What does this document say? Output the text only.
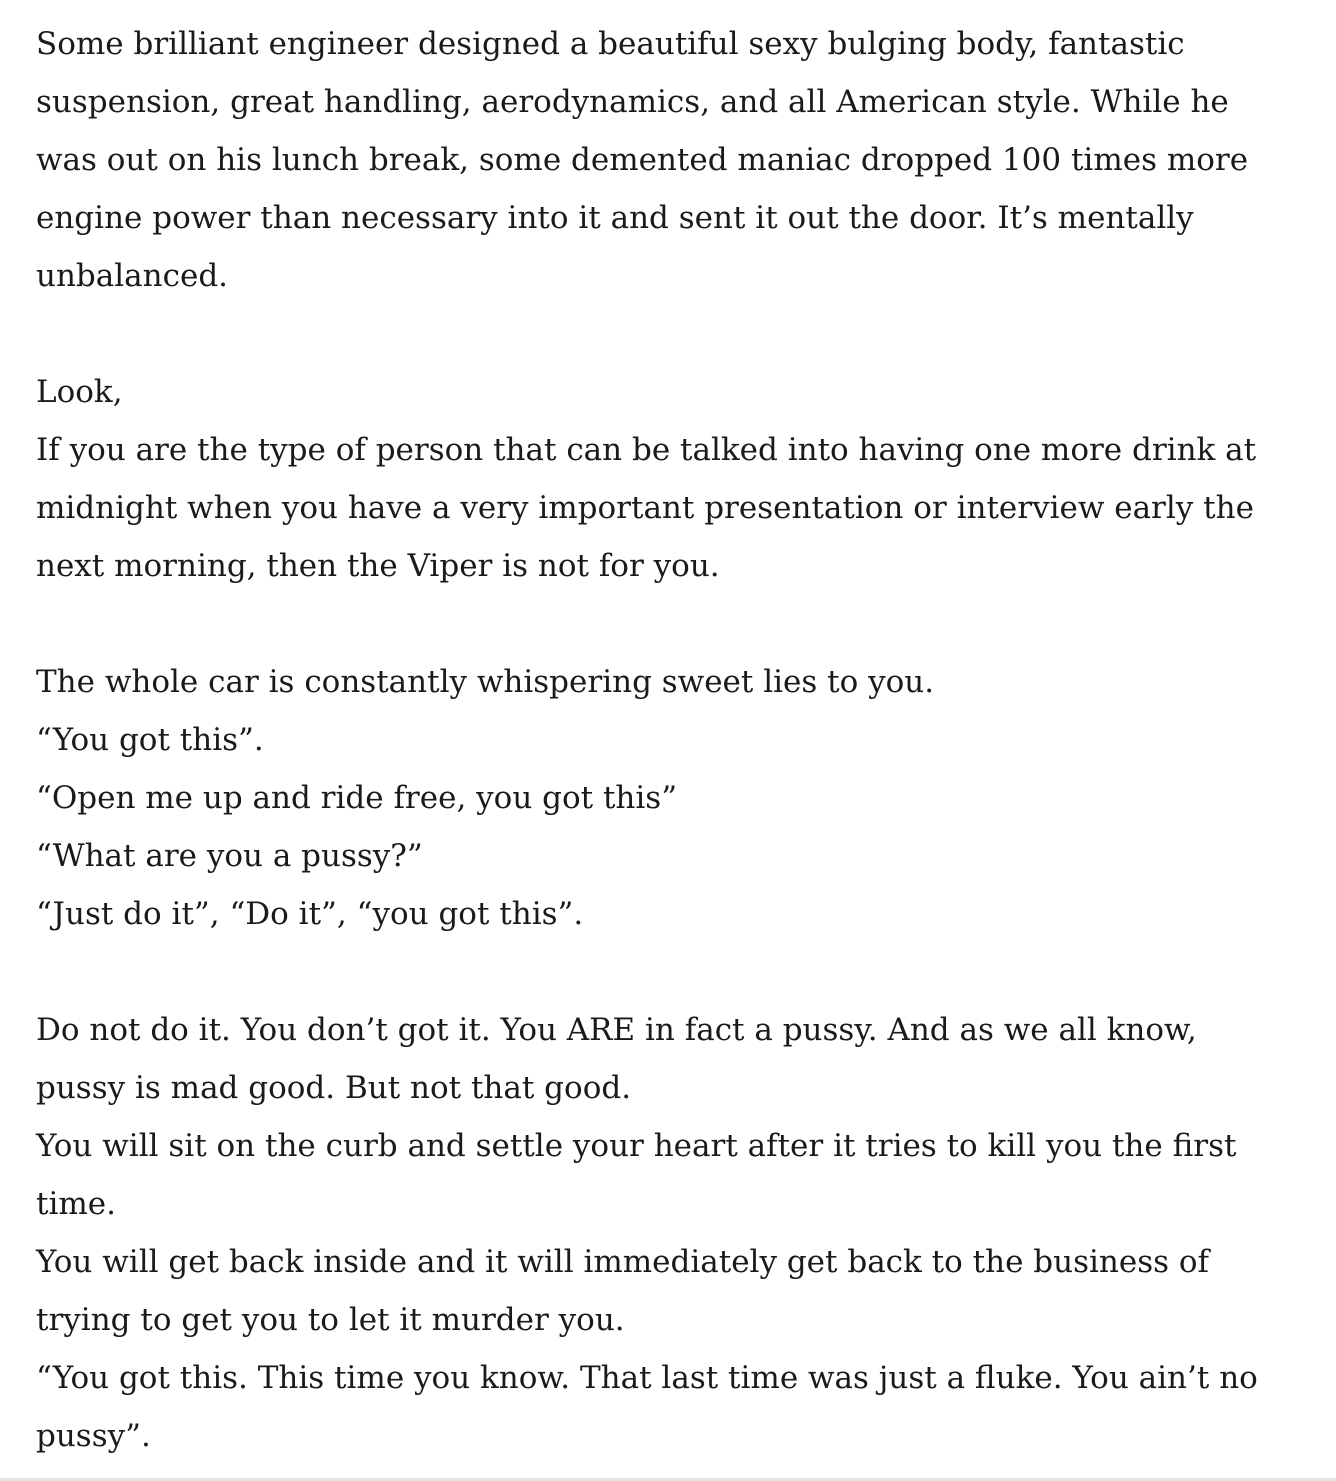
Some brilliant engineer designed a beautiful sexy bulging body, fantastic
suspension, great handling, aerodynamics, and all American style. While he
was out on his lunch break, some demented maniac dropped 100 times more
engine power than necessary into it and sent it out the door. It’s mentally
unbalanced.

Look,
If you are the type of person that can be talked into having one more drink at
midnight when you have a very important presentation or interview early the
next morning, then the Viper is not for you.

The whole car is constantly whispering sweet lies to you.
“You got this”.
“Open me up and ride free, you got this”
“What are you a pussy?”
“Just do it”, “Do it”, “you got this”.

Do not do it. You don’t got it. You ARE in fact a pussy. And as we all know,
pussy is mad good. But not that good.
You will sit on the curb and settle your heart after it tries to kill you the first
time.
You will get back inside and it will immediately get back to the business of
trying to get you to let it murder you.
“You got this. This time you know. That last time was just a fluke. You ain’t no
pussy”.
